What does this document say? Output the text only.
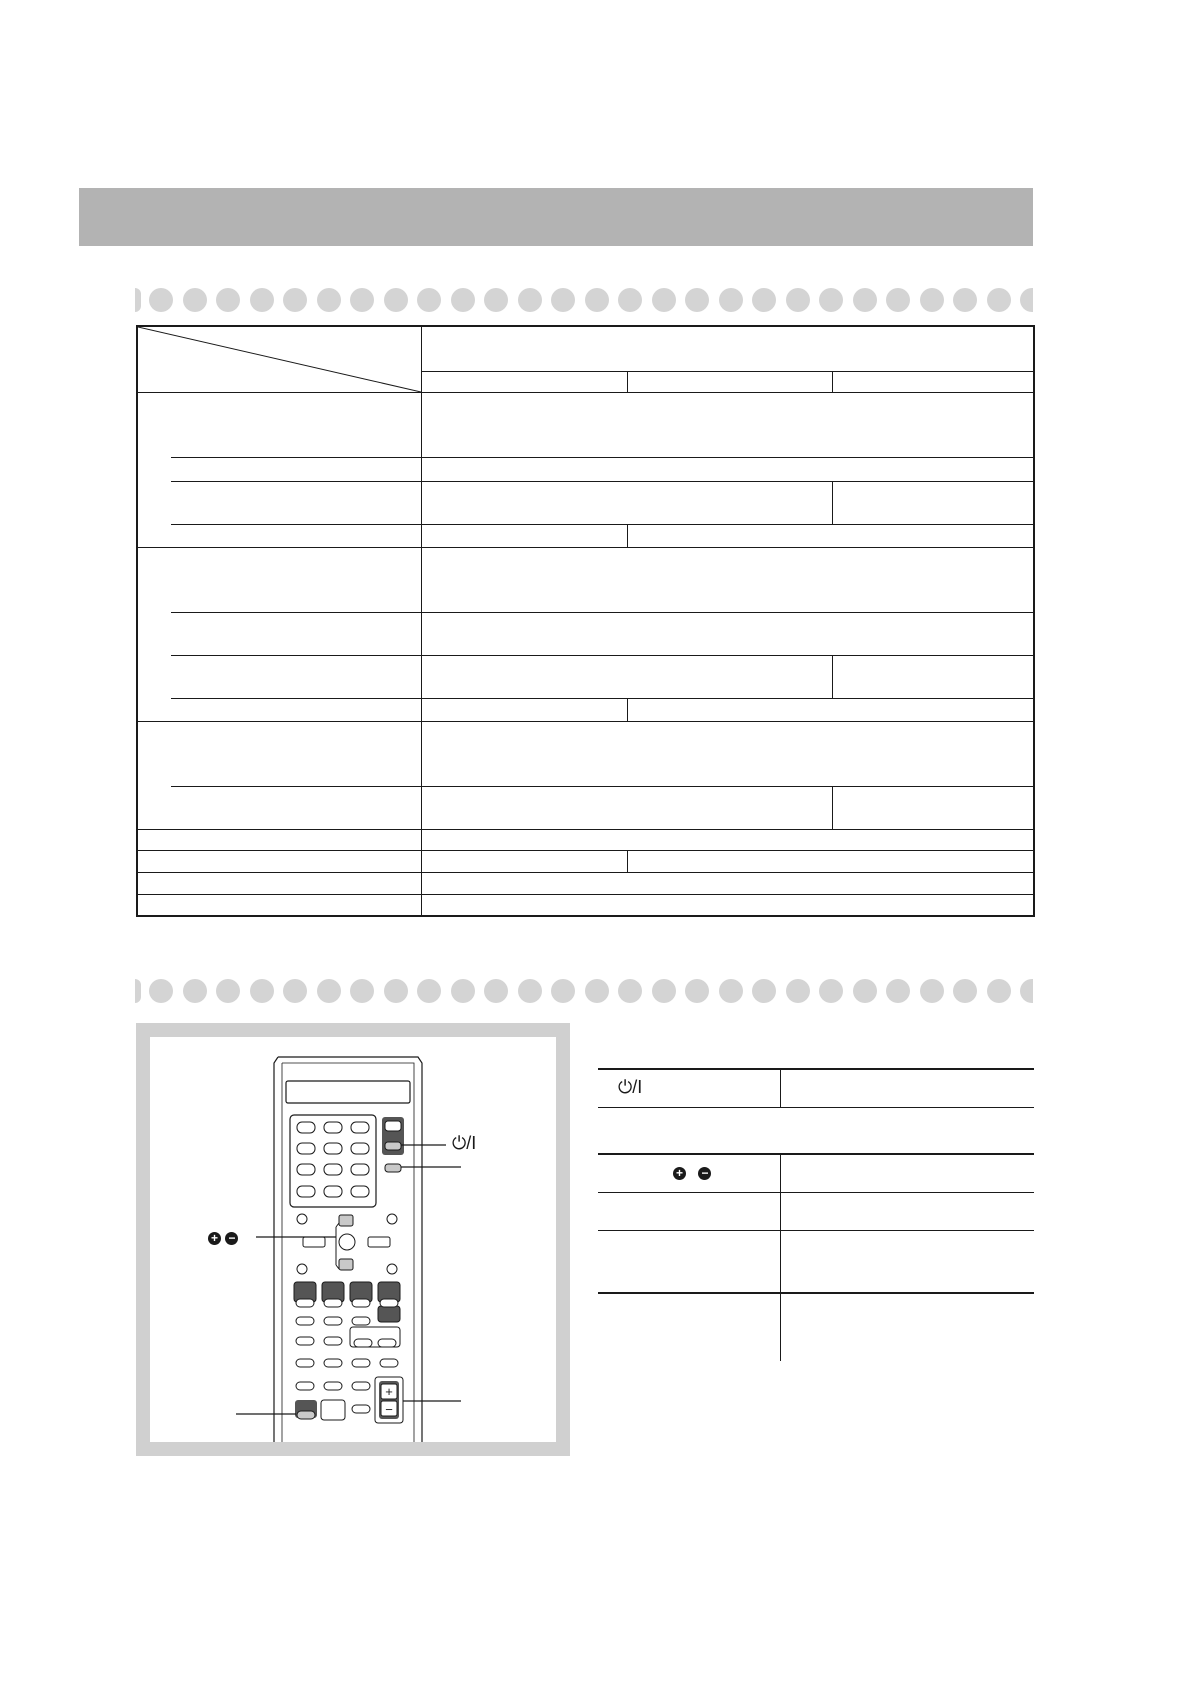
+
−
⏻/I
+ −
⏻/I
+ −
